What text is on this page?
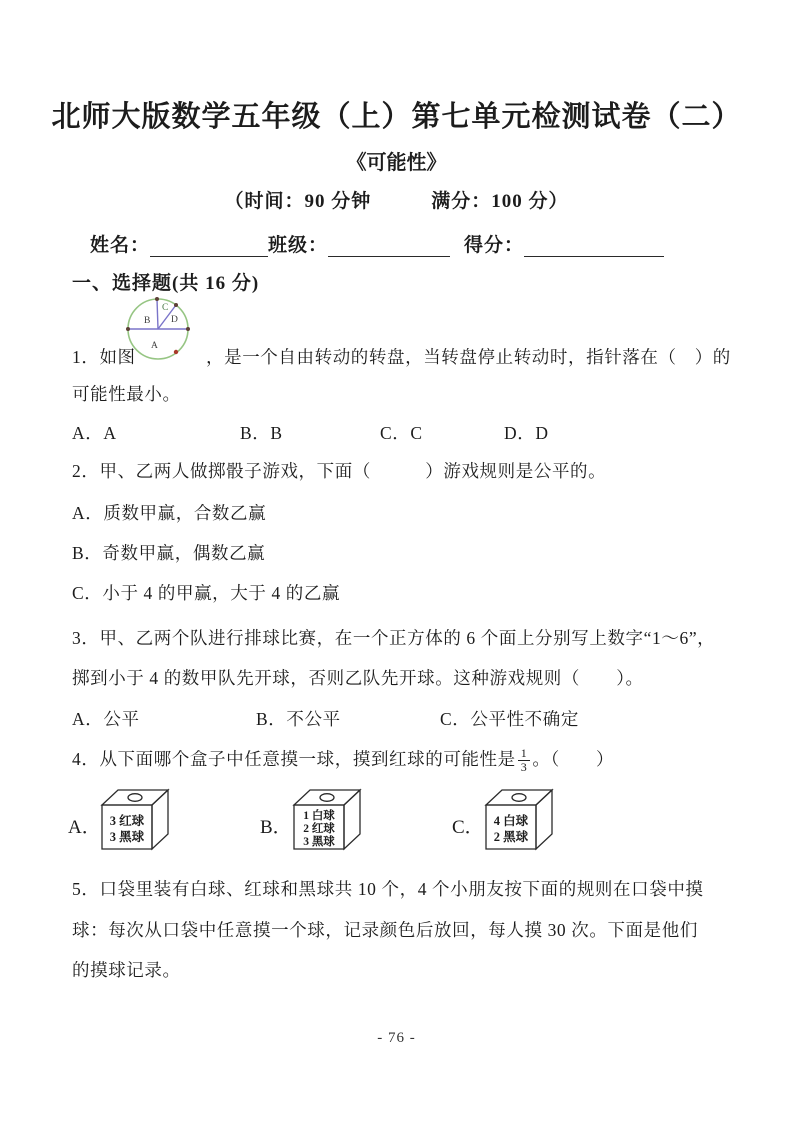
北师大版数学五年级（上）第七单元检测试卷（二）
《可能性》
（时间：90 分钟　　　满分：100 分）
姓名：	班级：	得分：
一、选择题(共 16 分)
B
C
D
A
1．如图	，是一个自由转动的转盘，当转盘停止转动时，指针落在（　）的
可能性最小。
A．A	B．B	C．C	D．D
2．甲、乙两人做掷骰子游戏，下面（　　　）游戏规则是公平的。
A．质数甲赢，合数乙赢
B．奇数甲赢，偶数乙赢
C．小于 4 的甲赢，大于 4 的乙赢
3．甲、乙两个队进行排球比赛，在一个正方体的 6 个面上分别写上数字“1～6”，
掷到小于 4 的数甲队先开球，否则乙队先开球。这种游戏规则（　　）。
A．公平	B．不公平	C．公平性不确定
4．从下面哪个盒子中任意摸一球，摸到红球的可能性是 $\frac{1}{3}$ 。（　　）
A． 3 红球
3 黑球	B．
1 白球
2 红球
3 黑球
C． 4 白球
2 黑球
5．口袋里装有白球、红球和黑球共 10 个，4 个小朋友按下面的规则在口袋中摸
球：每次从口袋中任意摸一个球，记录颜色后放回，每人摸 30 次。下面是他们
的摸球记录。
- 76 -
